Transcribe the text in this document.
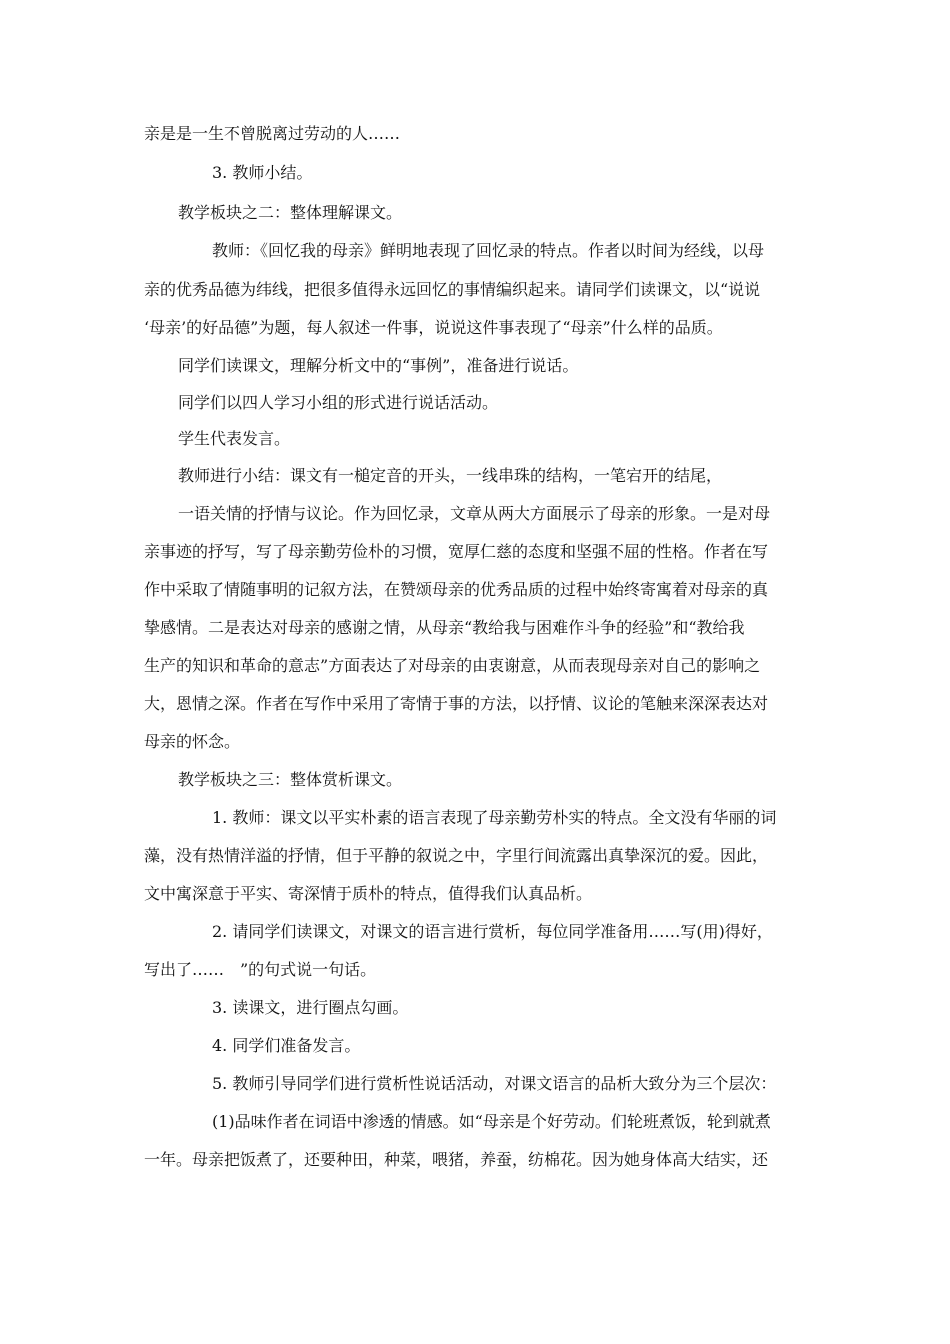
亲是是一生不曾脱离过劳动的人……
3. 教师小结。
教学板块之二：整体理解课文。
教师：《回忆我的母亲》鲜明地表现了回忆录的特点。作者以时间为经线，以母
亲的优秀品德为纬线，把很多值得永远回忆的事情编织起来。请同学们读课文，以“说说
‘母亲’的好品德”为题，每人叙述一件事，说说这件事表现了“母亲”什么样的品质。
同学们读课文，理解分析文中的“事例”，准备进行说话。
同学们以四人学习小组的形式进行说话活动。
学生代表发言。
教师进行小结：课文有一槌定音的开头，一线串珠的结构，一笔宕开的结尾，
一语关情的抒情与议论。作为回忆录，文章从两大方面展示了母亲的形象。一是对母
亲事迹的抒写，写了母亲勤劳俭朴的习惯，宽厚仁慈的态度和坚强不屈的性格。作者在写
作中采取了情随事明的记叙方法，在赞颂母亲的优秀品质的过程中始终寄寓着对母亲的真
挚感情。二是表达对母亲的感谢之情，从母亲“教给我与困难作斗争的经验”和“教给我
生产的知识和革命的意志”方面表达了对母亲的由衷谢意，从而表现母亲对自己的影响之
大，恩情之深。作者在写作中采用了寄情于事的方法，以抒情、议论的笔触来深深表达对
母亲的怀念。
教学板块之三：整体赏析课文。
1. 教师：课文以平实朴素的语言表现了母亲勤劳朴实的特点。全文没有华丽的词
藻，没有热情洋溢的抒情，但于平静的叙说之中，字里行间流露出真挚深沉的爱。因此，
文中寓深意于平实、寄深情于质朴的特点，值得我们认真品析。
2. 请同学们读课文，对课文的语言进行赏析，每位同学准备用……写(用)得好，
写出了……　”的句式说一句话。
3. 读课文，进行圈点勾画。
4. 同学们准备发言。
5. 教师引导同学们进行赏析性说话活动，对课文语言的品析大致分为三个层次：
(1)品味作者在词语中渗透的情感。如“母亲是个好劳动。们轮班煮饭，轮到就煮
一年。母亲把饭煮了，还要种田，种菜，喂猪，养蚕，纺棉花。因为她身体高大结实，还
